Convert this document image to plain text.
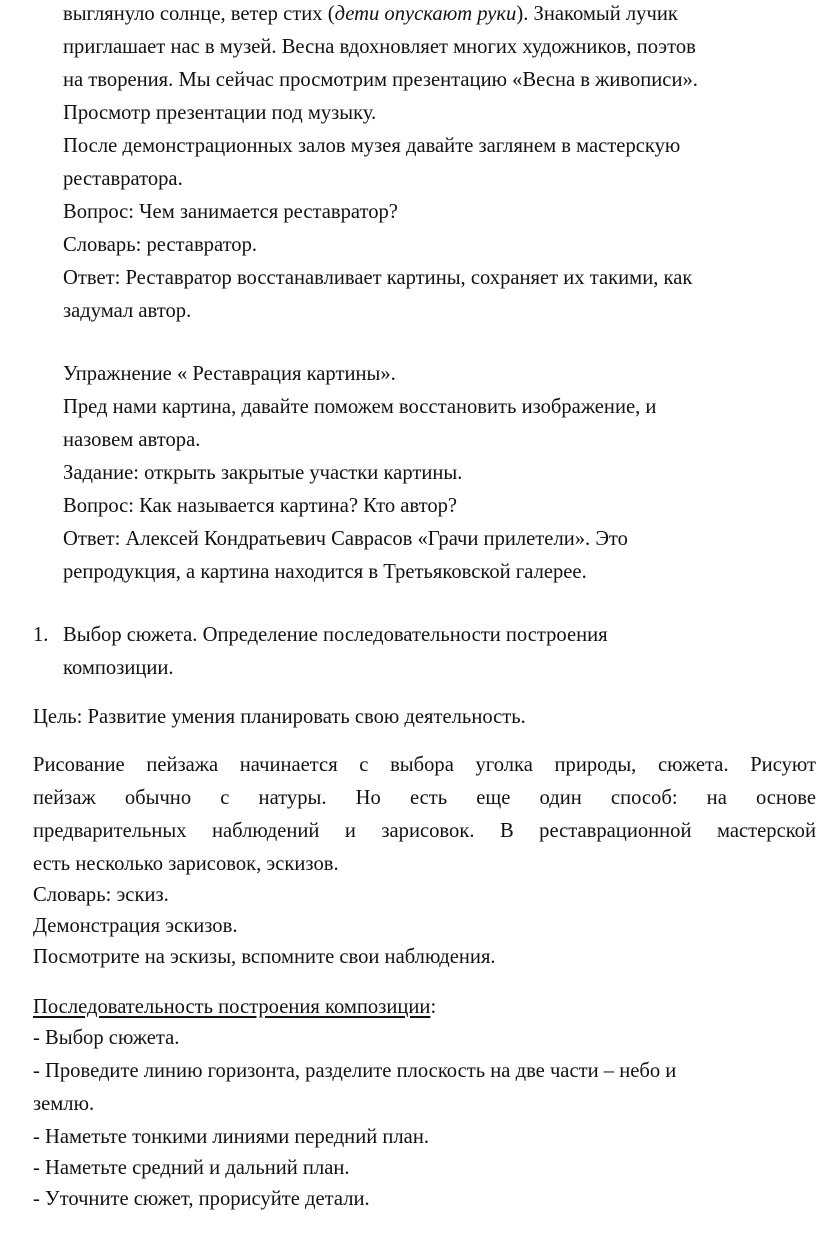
выглянуло солнце, ветер стих (дети опускают руки). Знакомый лучик
приглашает нас в музей. Весна вдохновляет многих художников, поэтов
на творения. Мы сейчас просмотрим презентацию «Весна в живописи».
Просмотр презентации под музыку.
После демонстрационных залов музея давайте заглянем в мастерскую
реставратора.
Вопрос: Чем занимается реставратор?
Словарь: реставратор.
Ответ: Реставратор восстанавливает картины, сохраняет их такими, как
задумал автор.
Упражнение « Реставрация картины».
Пред нами картина, давайте поможем восстановить изображение, и
назовем автора.
Задание: открыть закрытые участки картины.
Вопрос: Как называется картина? Кто автор?
Ответ: Алексей Кондратьевич Саврасов «Грачи прилетели». Это
репродукция, а картина находится в Третьяковской галерее.
1. Выбор сюжета. Определение последовательности построения
композиции.
Цель: Развитие умения планировать свою деятельность.
Рисование пейзажа начинается с выбора уголка природы, сюжета. Рисуют
пейзаж обычно с натуры. Но есть еще один способ: на основе
предварительных наблюдений и зарисовок. В реставрационной мастерской
есть несколько зарисовок, эскизов.
Словарь: эскиз.
Демонстрация эскизов.
Посмотрите на эскизы, вспомните свои наблюдения.
Последовательность построения композиции:
- Выбор сюжета.
- Проведите линию горизонта, разделите плоскость на две части – небо и
землю.
- Наметьте тонкими линиями передний план.
- Наметьте средний и дальний план.
- Уточните сюжет, прорисуйте детали.
